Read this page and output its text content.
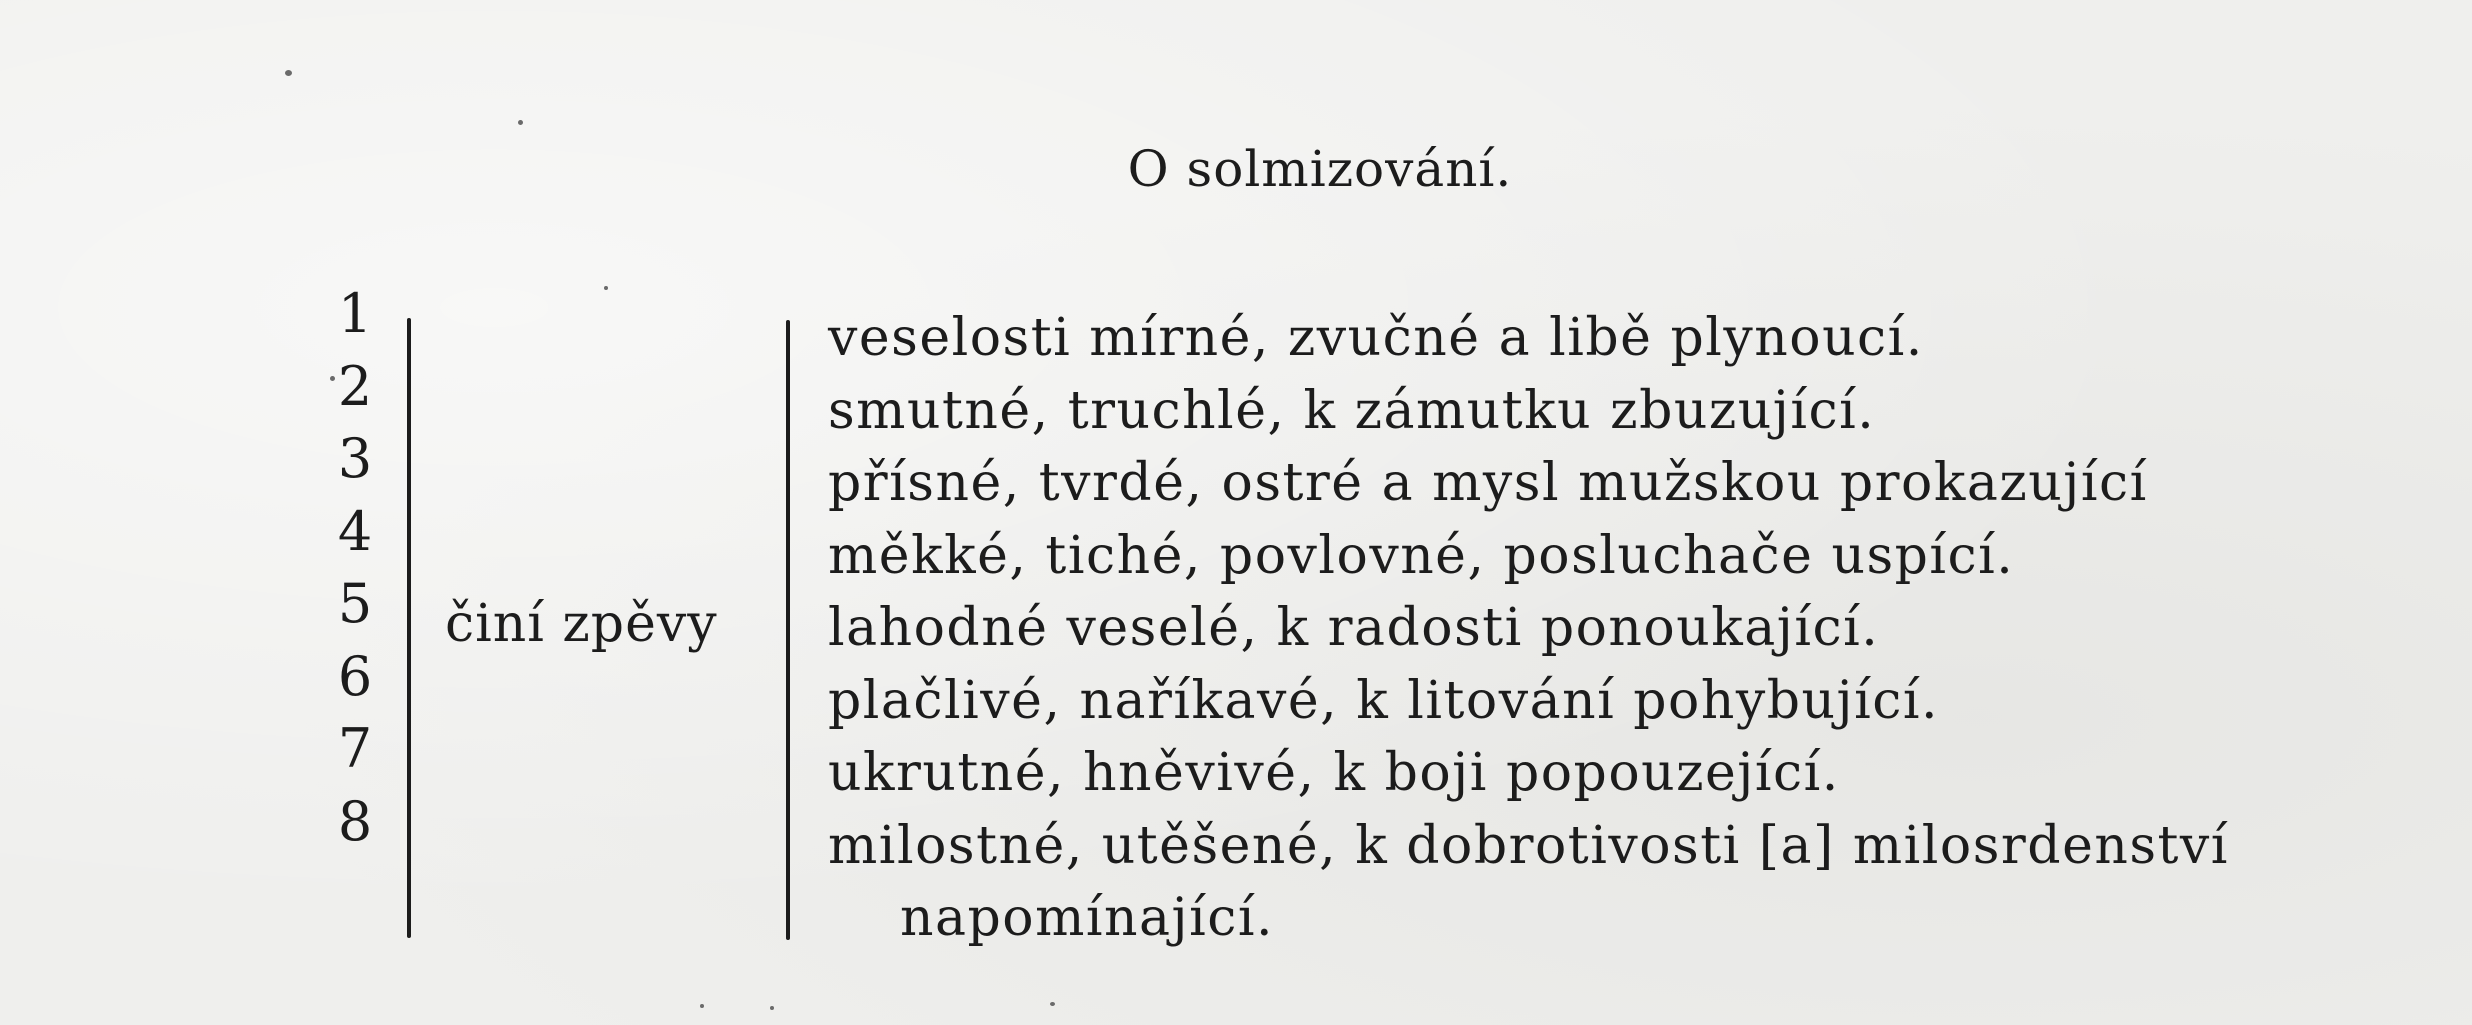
O solmizování.
1
2
3
4
5
6
7
8
činí zpěvy
veselosti mírné, zvučné a libě plynoucí.
smutné, truchlé, k zámutku zbuzující.
přísné, tvrdé, ostré a mysl mužskou prokazující
měkké, tiché, povlovné, posluchače uspící.
lahodné veselé, k radosti ponoukající.
plačlivé, naříkavé, k litování pohybující.
ukrutné, hněvivé, k boji popouzející.
milostné, utěšené, k dobrotivosti [a] milosrdenství
napomínající.
